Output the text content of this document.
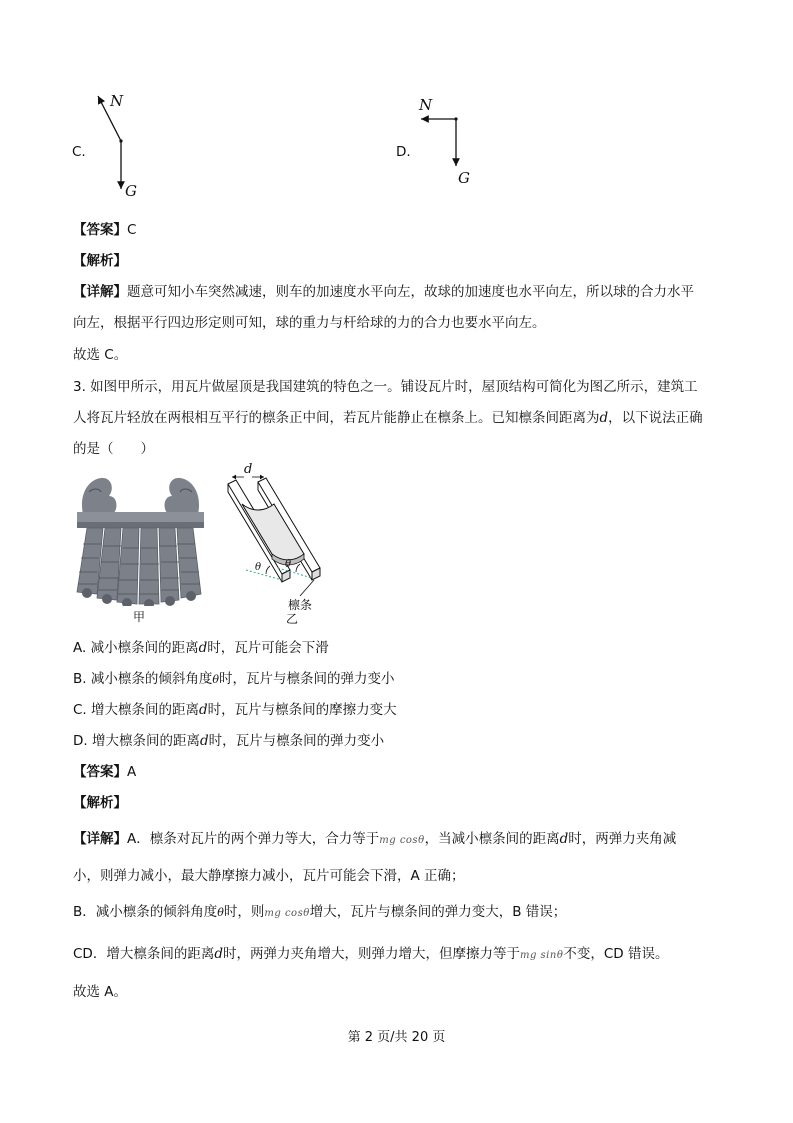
C.
N
G
D.
N
G
【答案】C
【解析】
【详解】题意可知小车突然减速，则车的加速度水平向左，故球的加速度也水平向左，所以球的合力水平
向左，根据平行四边形定则可知，球的重力与杆给球的力的合力也要水平向左。
故选 C。
3. 如图甲所示，用瓦片做屋顶是我国建筑的特色之一。铺设瓦片时，屋顶结构可简化为图乙所示，建筑工
人将瓦片轻放在两根相互平行的檩条正中间，若瓦片能静止在檩条上。已知檩条间距离为d，以下说法正确
的是（　　）
甲
d
θ θ
檩条
乙
A. 减小檩条间的距离d时，瓦片可能会下滑
B. 减小檩条的倾斜角度θ时，瓦片与檩条间的弹力变小
C. 增大檩条间的距离d时，瓦片与檩条间的摩擦力变大
D. 增大檩条间的距离d时，瓦片与檩条间的弹力变小
【答案】A
【解析】
【详解】A．檩条对瓦片的两个弹力等大，合力等于mg cosθ，当减小檩条间的距离d时，两弹力夹角减
小，则弹力减小，最大静摩擦力减小，瓦片可能会下滑，A 正确；
B．减小檩条的倾斜角度θ时，则mg cosθ增大，瓦片与檩条间的弹力变大，B 错误；
CD．增大檩条间的距离d时，两弹力夹角增大，则弹力增大，但摩擦力等于mg sinθ不变，CD 错误。
故选 A。
第 2 页/共 20 页
